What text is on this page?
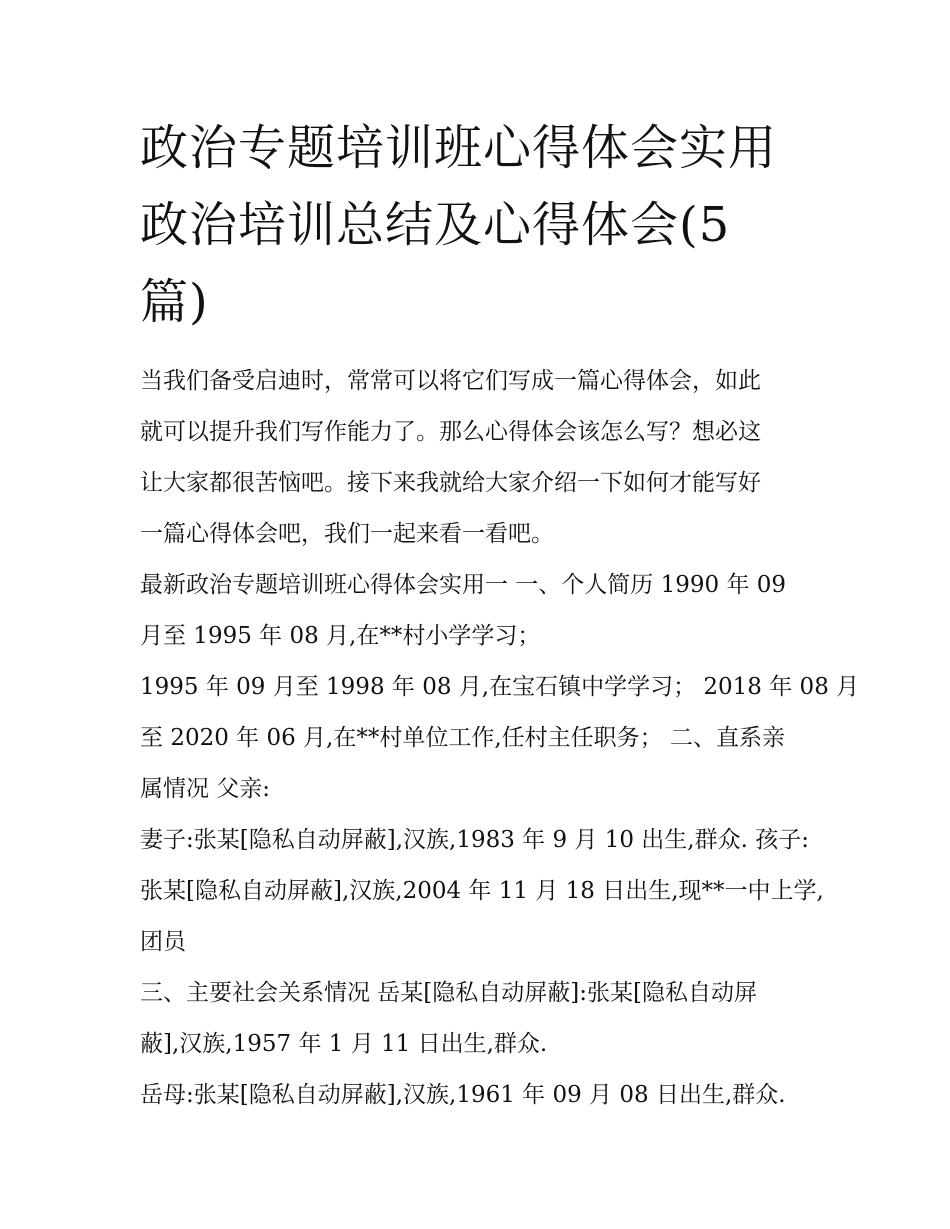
政治专题培训班心得体会实用
政治培训总结及心得体会(5
篇)
当我们备受启迪时，常常可以将它们写成一篇心得体会，如此
就可以提升我们写作能力了。那么心得体会该怎么写？想必这
让大家都很苦恼吧。接下来我就给大家介绍一下如何才能写好
一篇心得体会吧，我们一起来看一看吧。
最新政治专题培训班心得体会实用一 一、个人简历 1990 年 09
月至 1995 年 08 月,在**村小学学习；
1995 年 09 月至 1998 年 08 月,在宝石镇中学学习； 2018 年 08 月
至 2020 年 06 月,在**村单位工作,任村主任职务； 二、直系亲
属情况 父亲:
妻子:张某[隐私自动屏蔽],汉族,1983 年 9 月 10 出生,群众. 孩子:
张某[隐私自动屏蔽],汉族,2004 年 11 月 18 日出生,现**一中上学,
团员
三、主要社会关系情况 岳某[隐私自动屏蔽]:张某[隐私自动屏
蔽],汉族,1957 年 1 月 11 日出生,群众.
岳母:张某[隐私自动屏蔽],汉族,1961 年 09 月 08 日出生,群众.
